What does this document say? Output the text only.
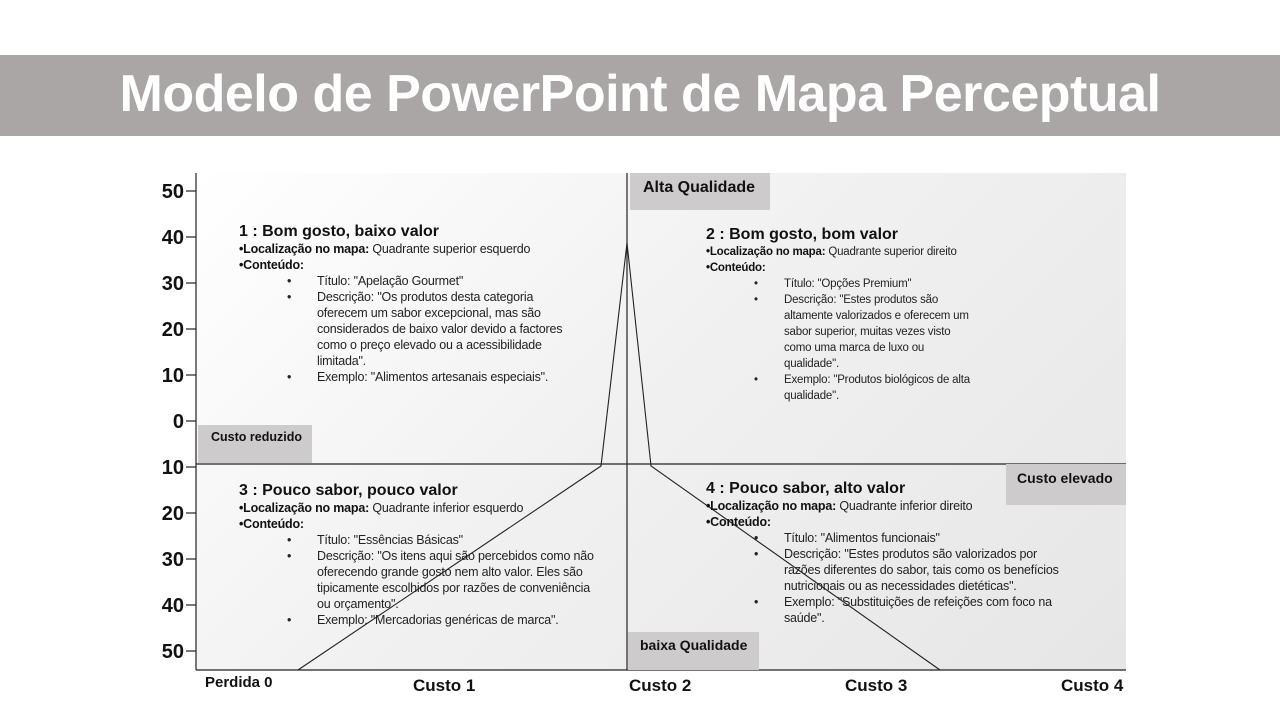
Modelo de PowerPoint de Mapa Perceptual
50
40
30
20
10
0
10
20
30
40
50
Perdida 0	Custo 1	Custo 2	Custo 3	Custo 4
Alta Qualidade
baixa Qualidade
Custo reduzido
Custo elevado
1 : Bom gosto, baixo valor
•Localização no mapa: Quadrante superior esquerdo
•Conteúdo:
• Título: "Apelação Gourmet"
• Descrição: "Os produtos desta categoria oferecem um sabor excepcional, mas são considerados de baixo valor devido a factores como o preço elevado ou a acessibilidade limitada".
• Exemplo: "Alimentos artesanais especiais".
2 : Bom gosto, bom valor
•Localização no mapa: Quadrante superior direito
•Conteúdo:
• Título: "Opções Premium"
• Descrição: "Estes produtos são altamente valorizados e oferecem um sabor superior, muitas vezes visto como uma marca de luxo ou qualidade".
• Exemplo: "Produtos biológicos de alta qualidade".
3 : Pouco sabor, pouco valor
•Localização no mapa: Quadrante inferior esquerdo
•Conteúdo:
• Título: "Essências Básicas"
• Descrição: "Os itens aqui são percebidos como não oferecendo grande gosto nem alto valor. Eles são tipicamente escolhidos por razões de conveniência ou orçamento".
• Exemplo: "Mercadorias genéricas de marca".
4 : Pouco sabor, alto valor
•Localização no mapa: Quadrante inferior direito
•Conteúdo:
• Título: "Alimentos funcionais"
• Descrição: "Estes produtos são valorizados por razões diferentes do sabor, tais como os benefícios nutricionais ou as necessidades dietéticas".
• Exemplo: "Substituições de refeições com foco na saúde".
